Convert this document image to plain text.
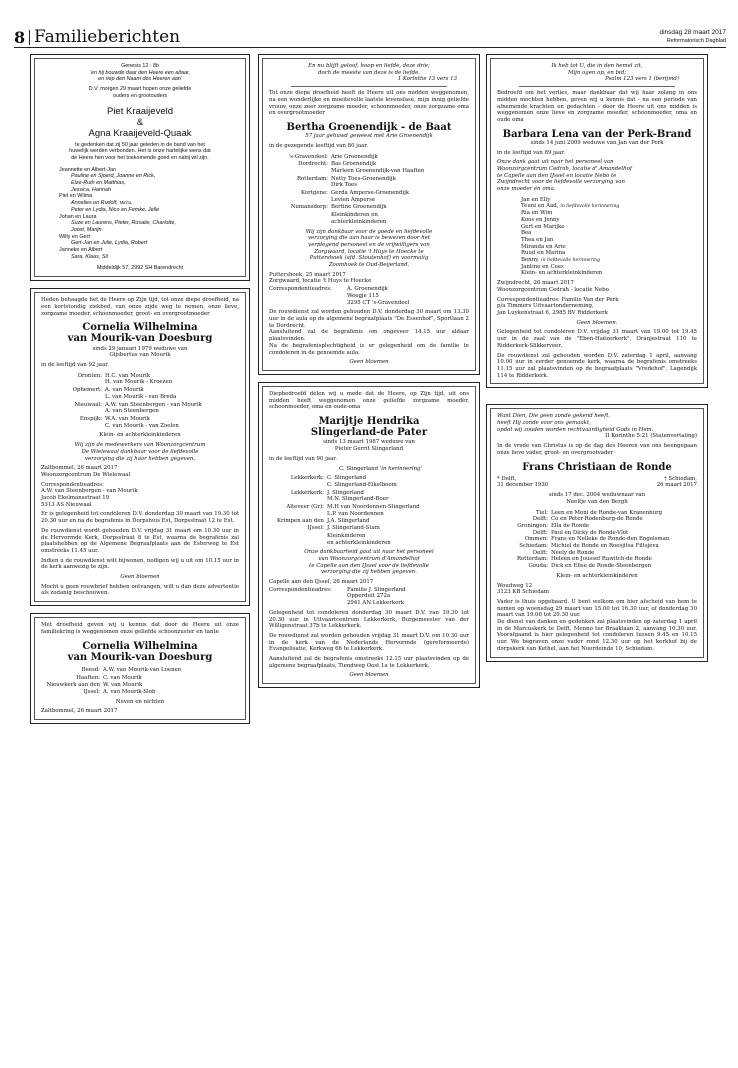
8 Familieberichten	dinsdag 28 maart 2017
Reformatorisch Dagblad
Genesis 12 : 8b
'en hij bouwde daar den Heere een altaar,
en riep den Naam des Heeren aan'
D.V. morgen 29 maart hopen onze geliefde
ouders en grootouders
Piet Kraaijeveld
&
Agna Kraaijeveld-Quaak
te gedenken dat zij 50 jaar geleden in de band van het
huwelijk werden verbonden. Het is onze hartelijke wens dat
de Heere hen voor het toekomende goed en nabij wil zijn.
Jeannette en Albert-Jan
Pauline en Sjoerd, Joanne en Rick,
Elze-Ruth en Matthias,
Jessica, Hannah
Piet en Wilma
Annelies en Rudolf, Micha,
Peter en Lydia, Nico en Femke, Jelle
Johan en Laura
Suze en Laurens, Pieter, Rosalie, Charlotte,
Joost, Marijn
Willy en Gert
Gert-Jan en Julie, Lydia, Robert
Janneke en Albert
Sara, Klaas, Sil
Middeldijk 57, 2992 SH Barendrecht
Heden behaagde het de Heere op Zijn tijd, tot onze diepe droefheid, na een kortstondig ziekbed, van onze zijde weg te nemen, onze lieve, zorgzame moeder, schoonmoeder, groot- en overgrootmoeder
Cornelia Wilhelmina
van Mourik-van Doesburg
sinds 29 januari 1979 weduwe van
Gijsbertus van Mourik
in de leeftijd van 92 jaar.
Dronten: H.C. van Mourik
H. van Mourik - Kroezen
Ophemert: A. van Mourik
L. van Mourik - van Breda
Nieuwaal: A.W. van Steenbergen - van Mourik
A. van Steenbergen
Enspijk: W.A. van Mourik
C. van Mourik - van Zoelen
Klein- en achterkleinkinderen
Wij zijn de medewerkers van Woonzorgcentrum
De Wielewaal dankbaar voor de liefdevolle
verzorging die zij haar hebben gegeven.
Zaltbommel, 26 maart 2017
Woonzorgcentrum De Wielewaal
Correspondentieadres:
A.W. van Steenbergen - van Mourik
Jacob Ekelmansstraat 19
5313 AS Nieuwaal
Er is gelegenheid tot condoleren D.V. donderdag 30 maart van 19.30 tot 20.30 uur en na de begrafenis in Dorpshuis Est, Dorpsstraat 12 te Est.
De rouwdienst wordt gehouden D.V. vrijdag 31 maart om 10.30 uur in de Hervormde Kerk, Dorpsstraat 8 te Est, waarna de begrafenis zal plaatshebben op de Algemene Begraafplaats aan de Esterweg te Est omstreeks 11.45 uur.
Indien u de rouwdienst wilt bijwonen, nodigen wij u uit om 10.15 uur in de kerk aanwezig te zijn.
Geen bloemen
Mocht u geen rouwbrief hebben ontvangen, wilt u dan deze advertentie als zodanig beschouwen.
Met droefheid geven wij u kennis dat door de Heere uit onze familiekring is weggenomen onze geliefde schoonzuster en tante
Cornelia Wilhelmina
van Mourik-van Doesburg
Beesd: A.W. van Mourik-van Loenen
Haaften: C. van Mourik
Nieuwkerk aan den IJssel:
W. van Mourik
A. van Mourik-Slob
Neven en nichten
Zaltbommel, 26 maart 2017
En nu blijft geloof, hoop en liefde, deze drie;
doch de meeste van deze is de liefde.
1 Korinthe 13 vers 13
Tot onze diepe droefheid heeft de Heere uit ons midden weggenomen, na een wonderlijke en moeitevolle laatste levensfase, mijn innig geliefde vrouw, onze zeer zorgzame moeder, schoonmoeder, onze zorgzame oma en overgrootmoeder
Bertha Groenendijk - de Baat
57 jaar gehuwd geweest met Arie Groenendijk
in de gezegende leeftijd van 80 jaar.
's-Gravendeel: Arie Groenendijk
Dordrecht: Bas Groenendijk
Marleen Groenendijk-van Haaften
Rotterdam: Netty Toes-Groenendijk
Dirk Toes
Kortgene: Gerda Amperse-Groenendijk
Levien Amperse
Numansdorp: Bertine Groenendijk
Kleinkinderen en
achterkleinkinderen
Wij zijn dankbaar voor de goede en liefdevolle
verzorging die aan haar is bewezen door het
verplegend personeel en de vrijwilligers van
Zorgwaard, locatie 't Huys te Hoecke te
Puttershoek (afd. Stoutenhof) en voormalig
Zoomhoek te Oud-Beijerland.
Puttershoek, 25 maart 2017
Zorgwaard, locatie 't Huys te Hoecke
Correspondentieadres:	A. Groenendijk
Weegje 115
3295 CT 's-Gravendeel
De rouwdienst zal worden gehouden D.V. donderdag 30 maart om 13.30 uur in de aula op de algemene begraafplaats "De Essenhof", Sportlaan 2 te Dordrecht.
Aansluitend zal de begrafenis om ongeveer 14.15 uur aldaar plaatsvinden.
Na de begrafenisplechtigheid is er gelegenheid om de familie te condoleren in de genoemde aula.
Geen bloemen
Diepbedroefd delen wij u mede dat de Heere, op Zijn tijd, uit ons midden heeft weggenomen onze geliefde zorgzame moeder, schoonmoeder, oma en oude-oma
Marijtje Hendrika
Slingerland-de Pater
sinds 13 maart 1987 weduwe van
Pieter Gerrit Slingerland
in de leeftijd van 90 jaar.
C. Slingerland 'in herinnering'
Lekkerkerk: C. Slingerland
C. Slingerland-Eikelboom
Lekkerkerk: J. Slingerland
M.N. Slingerland-Boer
Alteveer (Gr): M.H van Noordennen-Slingerland
L.P. van Noordennen
Krimpen aan den IJssel:
J.A. Slingerland
J. Slingerland-Stam
Kleinkinderen
en achterkleinkinderen
Onze dankbaarheid gaat uit naar het personeel
van Woonzorgcentrum d'Amandelhof
te Capelle aan den IJssel voor de liefdevolle
verzorging die zij hebben gegeven.
Capelle aan den IJssel, 26 maart 2017
Correspondentieadres:	Familie J. Slingerland
Opperduit 272a
2941 AN Lekkerkerk
Gelegenheid tot condoleren donderdag 30 maart D.V. van 19.30 tot 20.30 uur in Uitvaartcentrum Lekkerkerk, Burgemeester van der Willigenstraat 37b te Lekkerkerk.
De rouwdienst zal worden gehouden vrijdag 31 maart D.V. om 10.30 uur in de kerk van de Nederlands Hervormde (gereformeerde) Evangelisatie, Kerkweg 66 te Lekkerkerk.
Aansluitend zal de begrafenis omstreeks 12.15 uur plaatsvinden op de algemene begraafplaats, Tiendweg Oost 1a te Lekkerkerk.
Geen bloemen
Ik heb tot U, die in den hemel zit,
Mijn ogen op, en bid;
Psalm 123 vers 1 (berijmd)
Bedroefd om het verlies, maar dankbaar dat wij haar zolang in ons midden mochten hebben, geven wij u kennis dat - na een periode van afnemende krachten en gedachten - door de Heere uit ons midden is weggenomen onze lieve en zorgzame moeder, schoonmoeder, oma en oude oma
Barbara Lena van der Perk-Brand
sinds 14 juni 2009 weduwe van Jan van der Perk
in de leeftijd van 89 jaar.
Onze dank gaat uit naar het personeel van
Woonzorgcentrum Cedrah, locatie d' Amandelhof
te Capelle aan den IJssel en locatie Nebo te
Zwijndrecht voor de liefdevolle verzorging van
onze moeder en oma.
Jan en Elly
Teuni en Aad, in liefdevolle herinnering
Ria en Wim
Koos en Jenny
Gert en Marijke
Bea
Thea en Jan
Miranda en Arie
Ruud en Marina
Benny, in liefdevolle herinnering
Jantine en Cees
Klein- en achterkleinkinderen
Zwijndrecht, 26 maart 2017
Woonzorgcentrum Cedrah - locatie Nebo
Correspondentieadres: Familie Van der Perk
p/a Timmers Uitvaartonderneming,
Jan Luykenstraat 6, 2985 BV Ridderkerk
Geen bloemen.
Gelegenheid tot condoleren D.V. vrijdag 31 maart van 19.00 tot 19.45 uur in de zaal van de "Eben-Haëzerkerk", Oranjestraat 110 te Ridderkerk-Slikkerveer.
De rouwdienst zal gehouden worden D.V. zaterdag 1 april, aanvang 10.00 uur in eerder genoemde kerk, waarna de begrafenis omstreeks 11.15 uur zal plaatsvinden op de begraafplaats "Vredehof", Lagendijk 114 te Ridderkerk.
Want Dien, Die geen zonde gekend heeft,
heeft Hij zonde voor ons gemaakt,
opdat wij zouden worden rechtvaardigheid Gods in Hem.
II Korinthe 5:21 (Statenvertaling)
In de vrede van Christus is op de dag des Heeren van ons heengegaan onze lieve vader, groot- en overgrootvader
Frans Christiaan de Ronde
* Delft,
31 december 1930
† Schiedam,
26 maart 2017
sinds 17 dec. 2004 weduwnaar van
Neeltje van den Bergh
Tiel: Leen en Moni de Ronde-van Kranenburg
Delft: Co en Peter Rodenburg-de Ronde
Groningen: Ella de Ronde
Delft: Paul en Dicky de Ronde-Vlot
Ommen: Frans en Nelleke de Ronde-den Engelsman
Schiedam: Michiel de Ronde en Roesjitsa Filtsjeva
Delft: Neely de Ronde
Rotterdam: Heleen en Joussef Rawitch-de Ronde
Gouda: Dick en Elise de Ronde-Steenbergen
Klein- en achterkleinkinderen
Woudweg 12
3123 KB Schiedam
Vader is thuis opgebaard. U bent welkom om hier afscheid van hem te nemen op woensdag 29 maart van 15.00 tot 16.30 uur, of donderdag 30 maart van 19.00 tot 20.30 uur.
De dienst van danken en gedenken zal plaatsvinden op zaterdag 1 april in de Marcuskerk te Delft, Menno ter Braaklaan 2, aanvang 10.30 uur. Voorafgaand is hier gelegenheid tot condoleren tussen 9.45 en 10.15 uur. We begraven onze vader rond 12.30 uur op het kerkhof bij de dorpskerk van Kethel, aan het Noordeinde 10, Schiedam.
